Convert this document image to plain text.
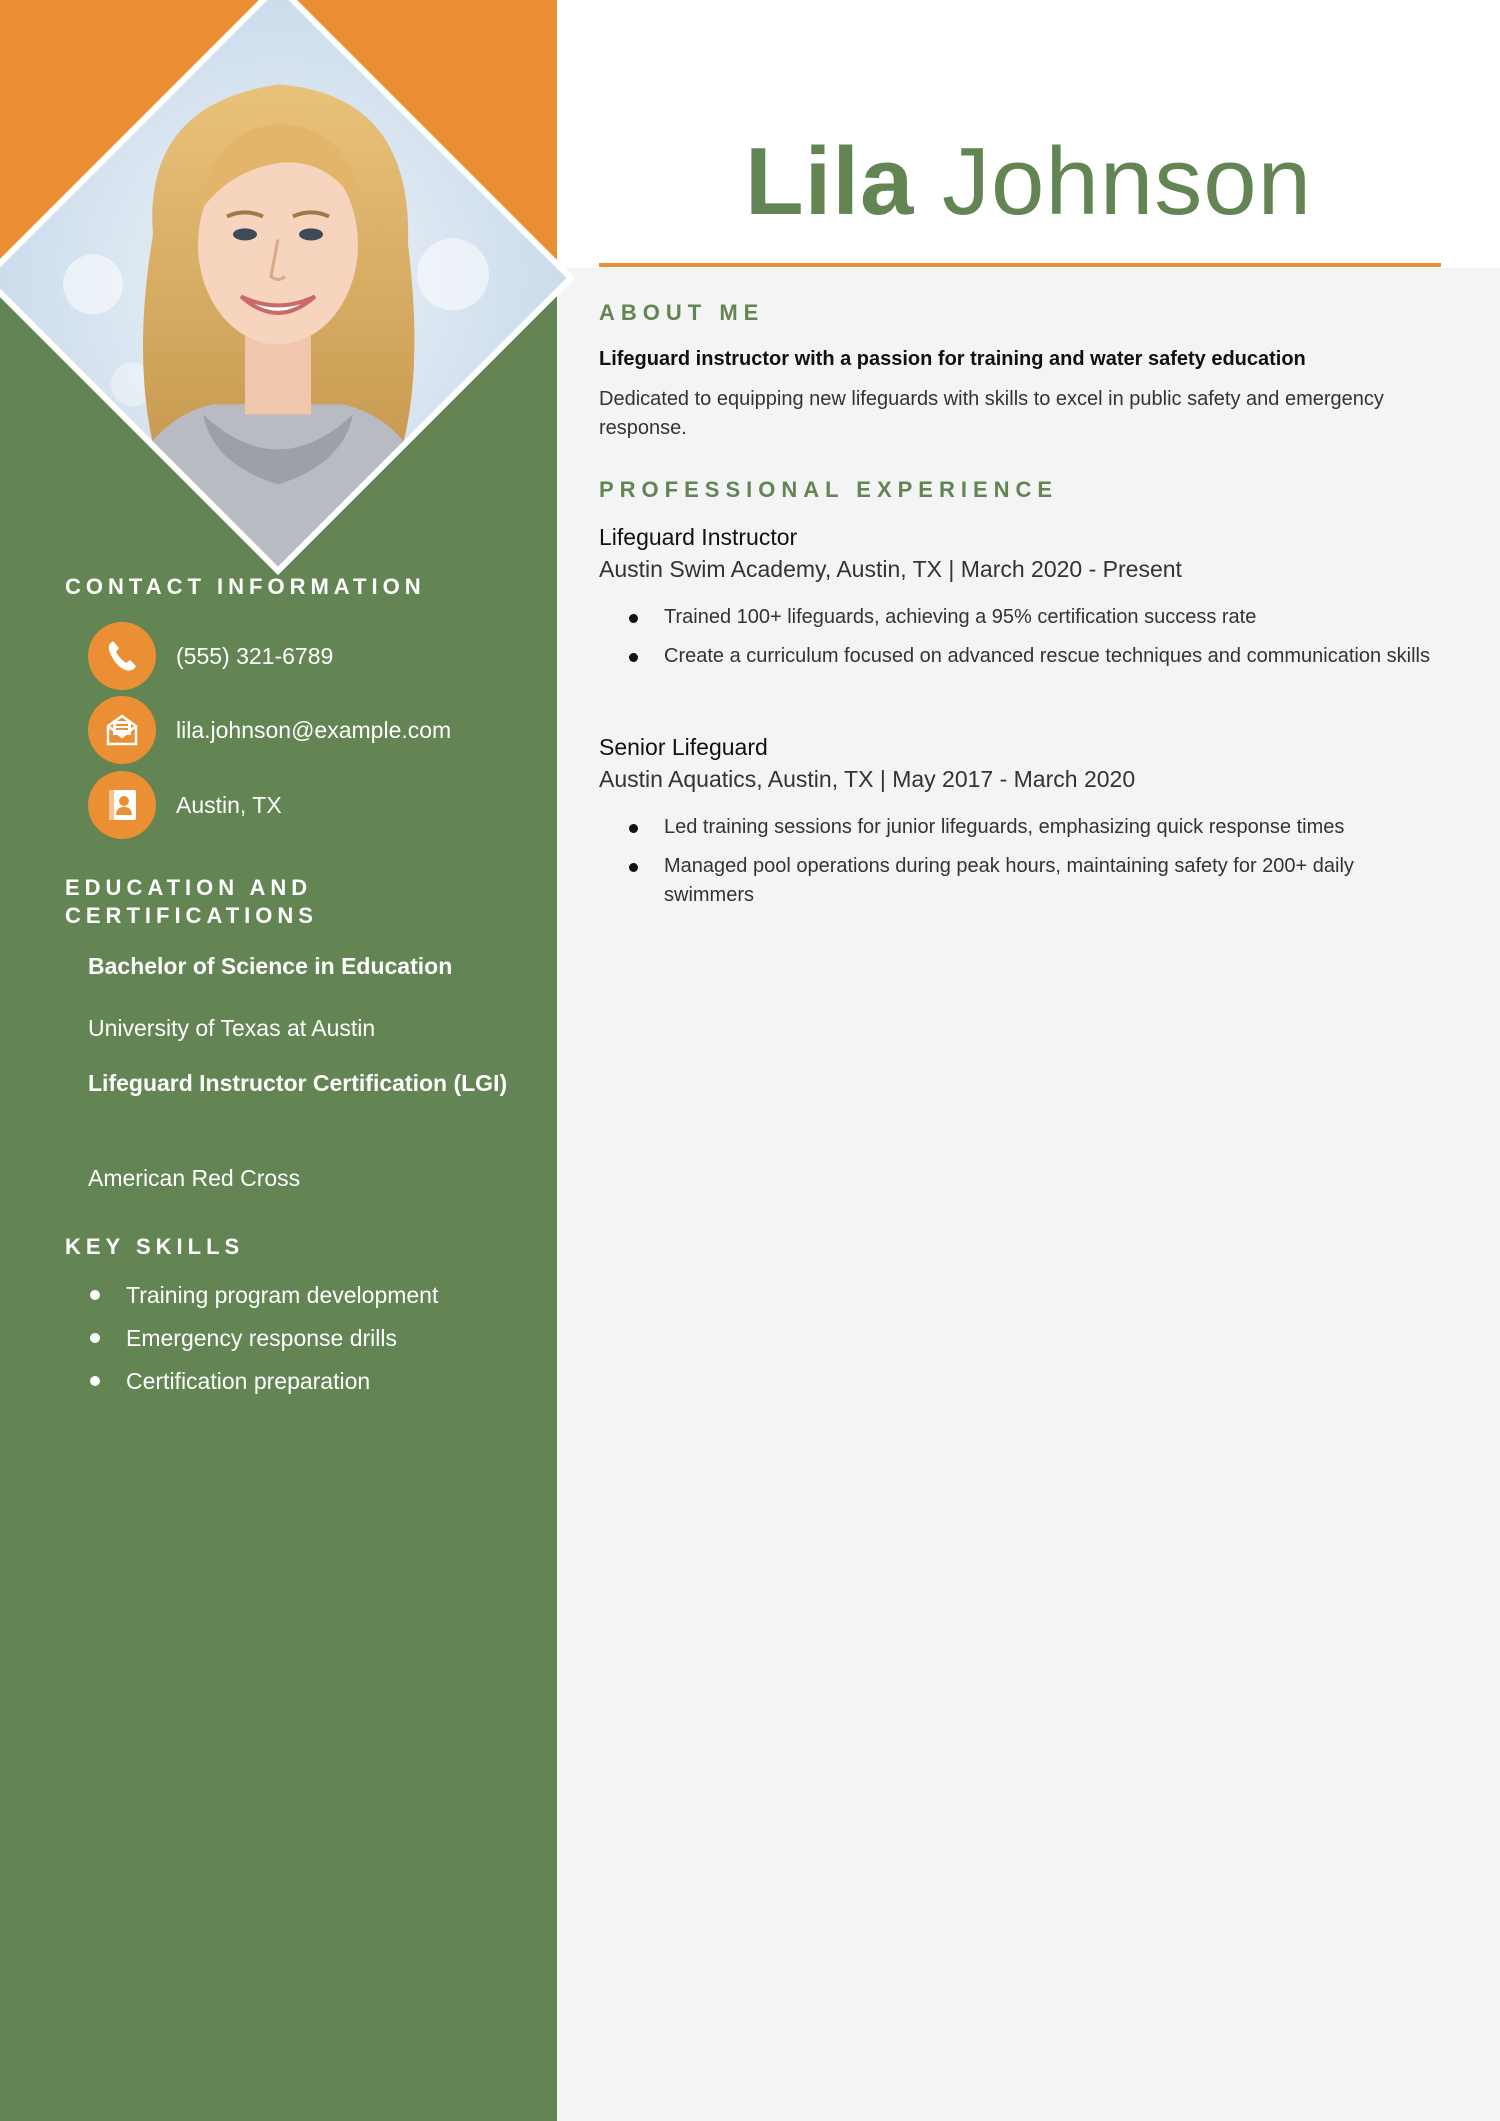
CONTACT INFORMATION
(555) 321-6789
lila.johnson@example.com
Austin, TX
EDUCATION AND
CERTIFICATIONS

Bachelor of Science in Education

University of Texas at Austin

Lifeguard Instructor Certification (LGI)

American Red Cross

KEY SKILLS
Training program development
Emergency response drills
Certification preparation
Lila Johnson
ABOUT ME

Lifeguard instructor with a passion for training and water safety education

Dedicated to equipping new lifeguards with skills to excel in public safety and emergency response.

PROFESSIONAL EXPERIENCE

Lifeguard Instructor

Austin Swim Academy, Austin, TX | March 2020 - Present

Trained 100+ lifeguards, achieving a 95% certification success rate
Create a curriculum focused on advanced rescue techniques and communication skills

Senior Lifeguard

Austin Aquatics, Austin, TX | May 2017 - March 2020

Led training sessions for junior lifeguards, emphasizing quick response times
Managed pool operations during peak hours, maintaining safety for 200+ daily swimmers
